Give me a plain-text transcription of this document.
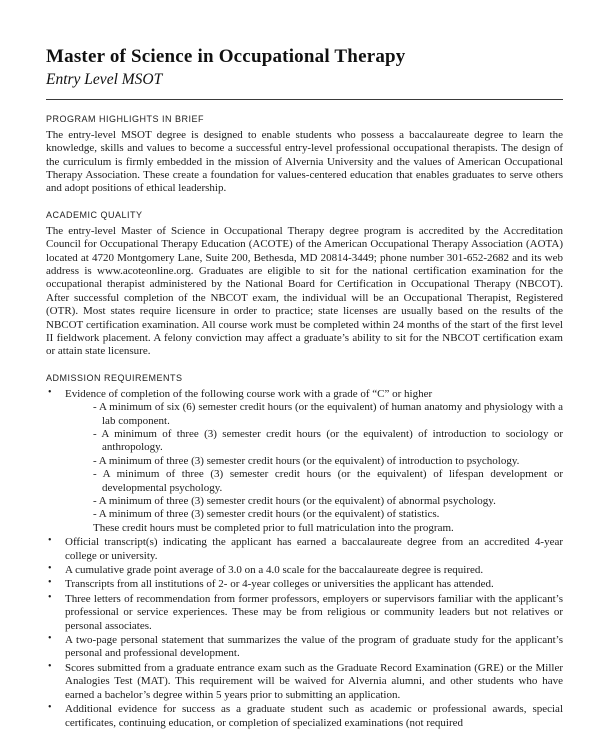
Master of Science in Occupational Therapy
Entry Level MSOT
PROGRAM HIGHLIGHTS IN BRIEF

The entry-level MSOT degree is designed to enable students who possess a baccalaureate degree to learn the knowledge, skills and values to become a successful entry-level professional occupational therapists. The design of the curriculum is firmly embedded in the mission of Alvernia University and the values of American Occupational Therapy Association. These create a foundation for values-centered education that enables graduates to serve others and adopt positions of ethical leadership.

ACADEMIC QUALITY

The entry-level Master of Science in Occupational Therapy degree program is accredited by the Accreditation Council for Occupational Therapy Education (ACOTE) of the American Occupational Therapy Association (AOTA) located at 4720 Montgomery Lane, Suite 200, Bethesda, MD 20814-3449; phone number 301-652-2682 and its web address is www.acoteonline.org. Graduates are eligible to sit for the national certification examination for the occupational therapist administered by the National Board for Certification in Occupational Therapy (NBCOT). After successful completion of the NBCOT exam, the individual will be an Occupational Therapist, Registered (OTR). Most states require licensure in order to practice; state licenses are usually based on the results of the NBCOT certification examination. All course work must be completed within 24 months of the start of the first level II fieldwork placement. A felony conviction may affect a graduate’s ability to sit for the NBCOT certification exam or attain state licensure.

ADMISSION REQUIREMENTS
• Evidence of completion of the following course work with a grade of “C” or higher
- A minimum of six (6) semester credit hours (or the equivalent) of human anatomy and physiology with a lab component.
- A minimum of three (3) semester credit hours (or the equivalent) of introduction to sociology or anthropology.
- A minimum of three (3) semester credit hours (or the equivalent) of introduction to psychology.
- A minimum of three (3) semester credit hours (or the equivalent) of lifespan development or developmental psychology.
- A minimum of three (3) semester credit hours (or the equivalent) of abnormal psychology.
- A minimum of three (3) semester credit hours (or the equivalent) of statistics.
These credit hours must be completed prior to full matriculation into the program.
• Official transcript(s) indicating the applicant has earned a baccalaureate degree from an accredited 4-year college or university.
• A cumulative grade point average of 3.0 on a 4.0 scale for the baccalaureate degree is required.
• Transcripts from all institutions of 2- or 4-year colleges or universities the applicant has attended.
• Three letters of recommendation from former professors, employers or supervisors familiar with the applicant’s professional or service experiences. These may be from religious or community leaders but not relatives or personal associates.
• A two-page personal statement that summarizes the value of the program of graduate study for the applicant’s personal and professional development.
• Scores submitted from a graduate entrance exam such as the Graduate Record Examination (GRE) or the Miller Analogies Test (MAT). This requirement will be waived for Alvernia alumni, and other students who have earned a bachelor’s degree within 5 years prior to submitting an application.
• Additional evidence for success as a graduate student such as academic or professional awards, special certificates, continuing education, or completion of specialized examinations (not required
